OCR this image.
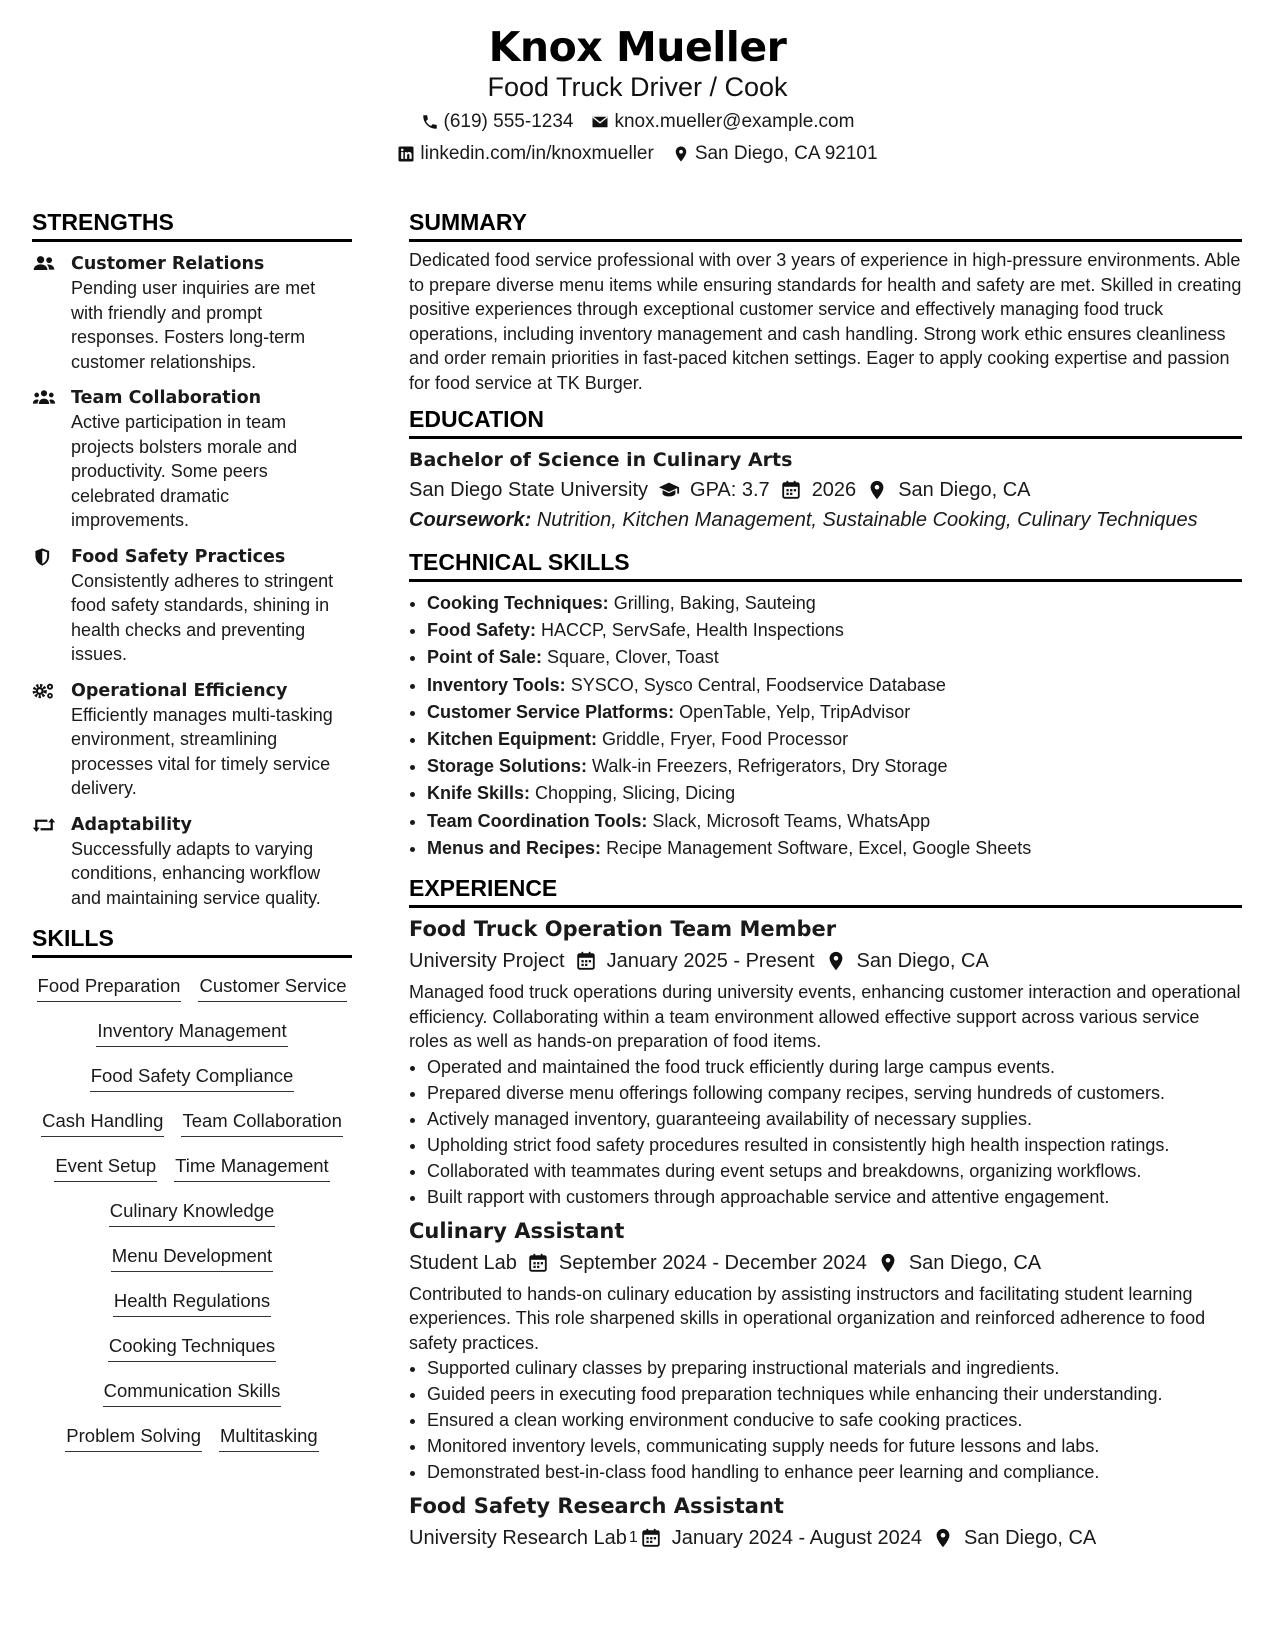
Knox Mueller
Food Truck Driver / Cook
(619) 555-1234 knox.mueller@example.com
linkedin.com/in/knoxmueller San Diego, CA 92101
STRENGTHS
Customer Relations
Pending user inquiries are met with friendly and prompt responses. Fosters long-term customer relationships.
Team Collaboration
Active participation in team projects bolsters morale and productivity. Some peers celebrated dramatic improvements.
Food Safety Practices
Consistently adheres to stringent food safety standards, shining in health checks and preventing issues.
Operational Efficiency
Efficiently manages multi-tasking environment, streamlining processes vital for timely service delivery.
Adaptability
Successfully adapts to varying conditions, enhancing workflow and maintaining service quality.
SKILLS
Food Preparation Customer Service
Inventory Management
Food Safety Compliance
Cash Handling Team Collaboration
Event Setup Time Management
Culinary Knowledge
Menu Development
Health Regulations
Cooking Techniques
Communication Skills
Problem Solving Multitasking
SUMMARY
Dedicated food service professional with over 3 years of experience in high-pressure environments. Able to prepare diverse menu items while ensuring standards for health and safety are met. Skilled in creating positive experiences through exceptional customer service and effectively managing food truck operations, including inventory management and cash handling. Strong work ethic ensures cleanliness and order remain priorities in fast-paced kitchen settings. Eager to apply cooking expertise and passion for food service at TK Burger.
EDUCATION
Bachelor of Science in Culinary Arts
San Diego State University GPA: 3.7 2026 San Diego, CA
Coursework: Nutrition, Kitchen Management, Sustainable Cooking, Culinary Techniques
TECHNICAL SKILLS
• Cooking Techniques: Grilling, Baking, Sauteing
• Food Safety: HACCP, ServSafe, Health Inspections
• Point of Sale: Square, Clover, Toast
• Inventory Tools: SYSCO, Sysco Central, Foodservice Database
• Customer Service Platforms: OpenTable, Yelp, TripAdvisor
• Kitchen Equipment: Griddle, Fryer, Food Processor
• Storage Solutions: Walk-in Freezers, Refrigerators, Dry Storage
• Knife Skills: Chopping, Slicing, Dicing
• Team Coordination Tools: Slack, Microsoft Teams, WhatsApp
• Menus and Recipes: Recipe Management Software, Excel, Google Sheets
EXPERIENCE
Food Truck Operation Team Member
University Project January 2025 - Present San Diego, CA
Managed food truck operations during university events, enhancing customer interaction and operational efficiency. Collaborating within a team environment allowed effective support across various service roles as well as hands-on preparation of food items.
• Operated and maintained the food truck efficiently during large campus events.
• Prepared diverse menu offerings following company recipes, serving hundreds of customers.
• Actively managed inventory, guaranteeing availability of necessary supplies.
• Upholding strict food safety procedures resulted in consistently high health inspection ratings.
• Collaborated with teammates during event setups and breakdowns, organizing workflows.
• Built rapport with customers through approachable service and attentive engagement.
Culinary Assistant
Student Lab September 2024 - December 2024 San Diego, CA
Contributed to hands-on culinary education by assisting instructors and facilitating student learning experiences. This role sharpened skills in operational organization and reinforced adherence to food safety practices.
• Supported culinary classes by preparing instructional materials and ingredients.
• Guided peers in executing food preparation techniques while enhancing their understanding.
• Ensured a clean working environment conducive to safe cooking practices.
• Monitored inventory levels, communicating supply needs for future lessons and labs.
• Demonstrated best-in-class food handling to enhance peer learning and compliance.
Food Safety Research Assistant
University Research Lab 1 January 2024 - August 2024 San Diego, CA
